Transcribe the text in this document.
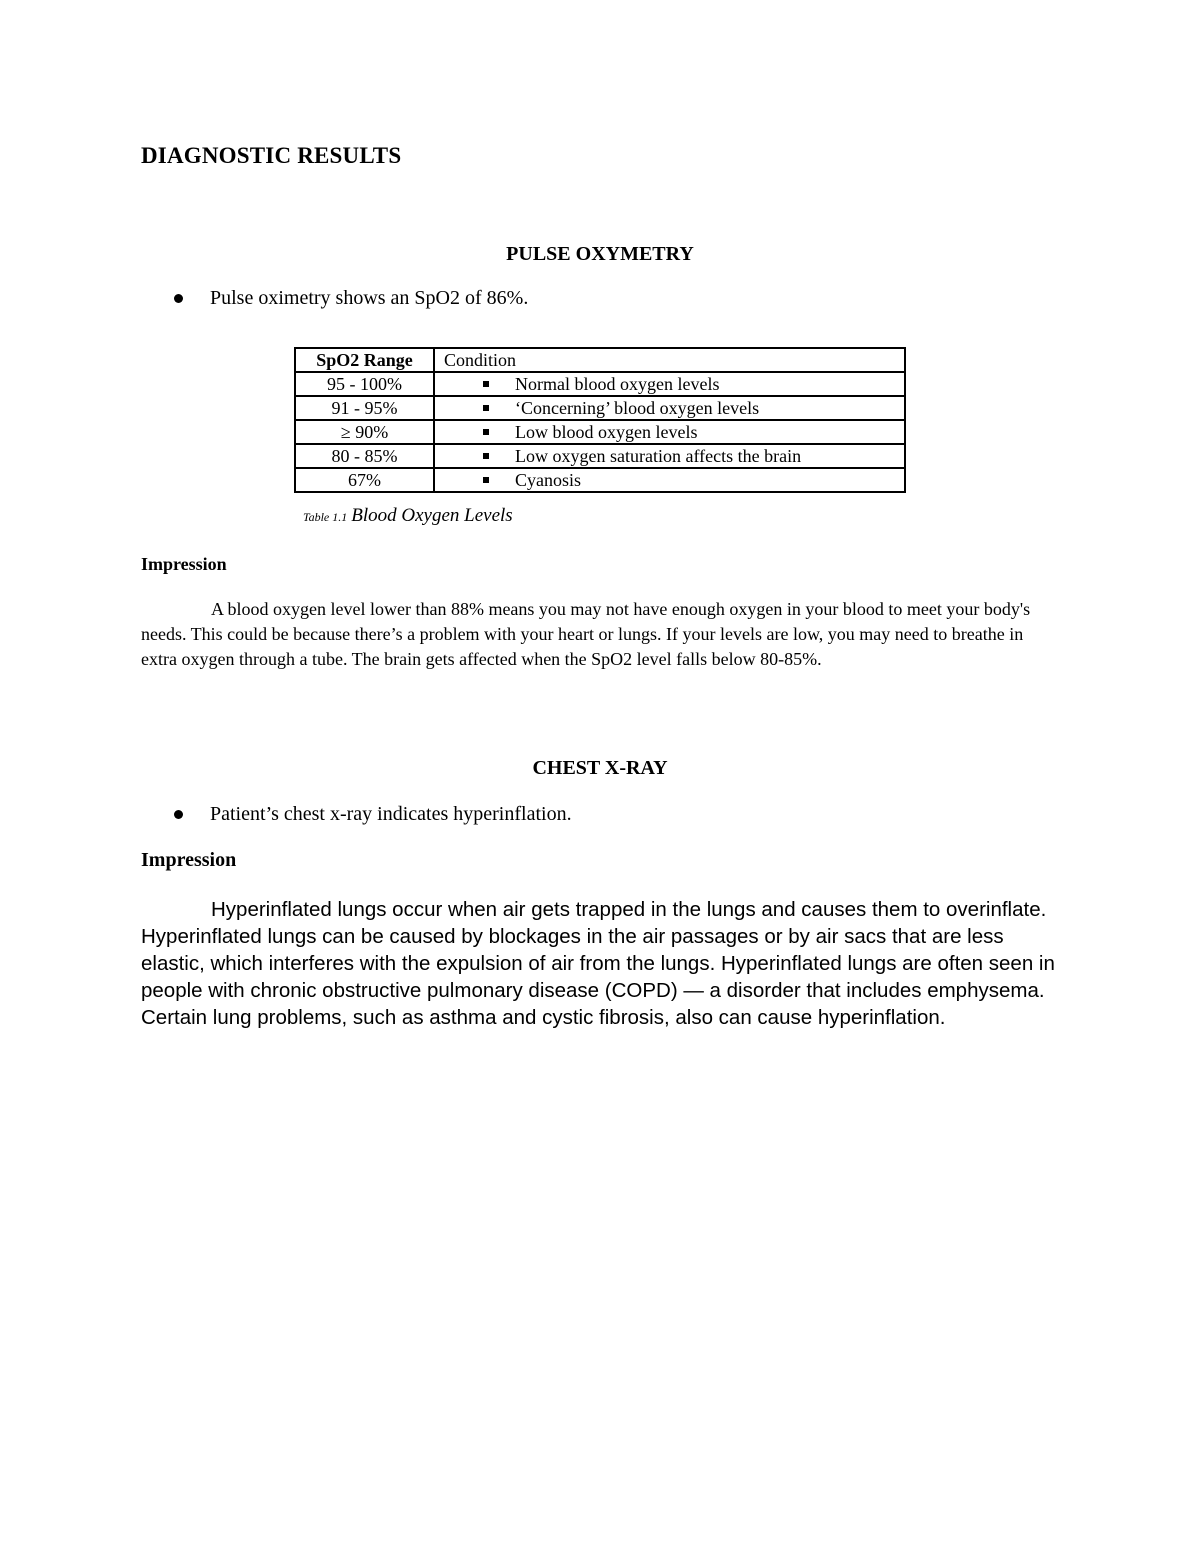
DIAGNOSTIC RESULTS
PULSE OXYMETRY
Pulse oximetry shows an SpO2 of 86%.
SpO2 Range	Condition
95 - 100%	Normal blood oxygen levels
91 - 95%	‘Concerning’ blood oxygen levels
≥ 90%	Low blood oxygen levels
80 - 85%	Low oxygen saturation affects the brain
67%	Cyanosis
Table 1.1 Blood Oxygen Levels
Impression

A blood oxygen level lower than 88% means you may not have enough oxygen in your blood to meet your body's needs. This could be because there’s a problem with your heart or lungs. If your levels are low, you may need to breathe in extra oxygen through a tube. The brain gets affected when the SpO2 level falls below 80-85%.

CHEST X-RAY
Patient’s chest x-ray indicates hyperinflation.
Impression

Hyperinflated lungs occur when air gets trapped in the lungs and causes them to overinflate. Hyperinflated lungs can be caused by blockages in the air passages or by air sacs that are less elastic, which interferes with the expulsion of air from the lungs. Hyperinflated lungs are often seen in people with chronic obstructive pulmonary disease (COPD) — a disorder that includes emphysema. Certain lung problems, such as asthma and cystic fibrosis, also can cause hyperinflation.
